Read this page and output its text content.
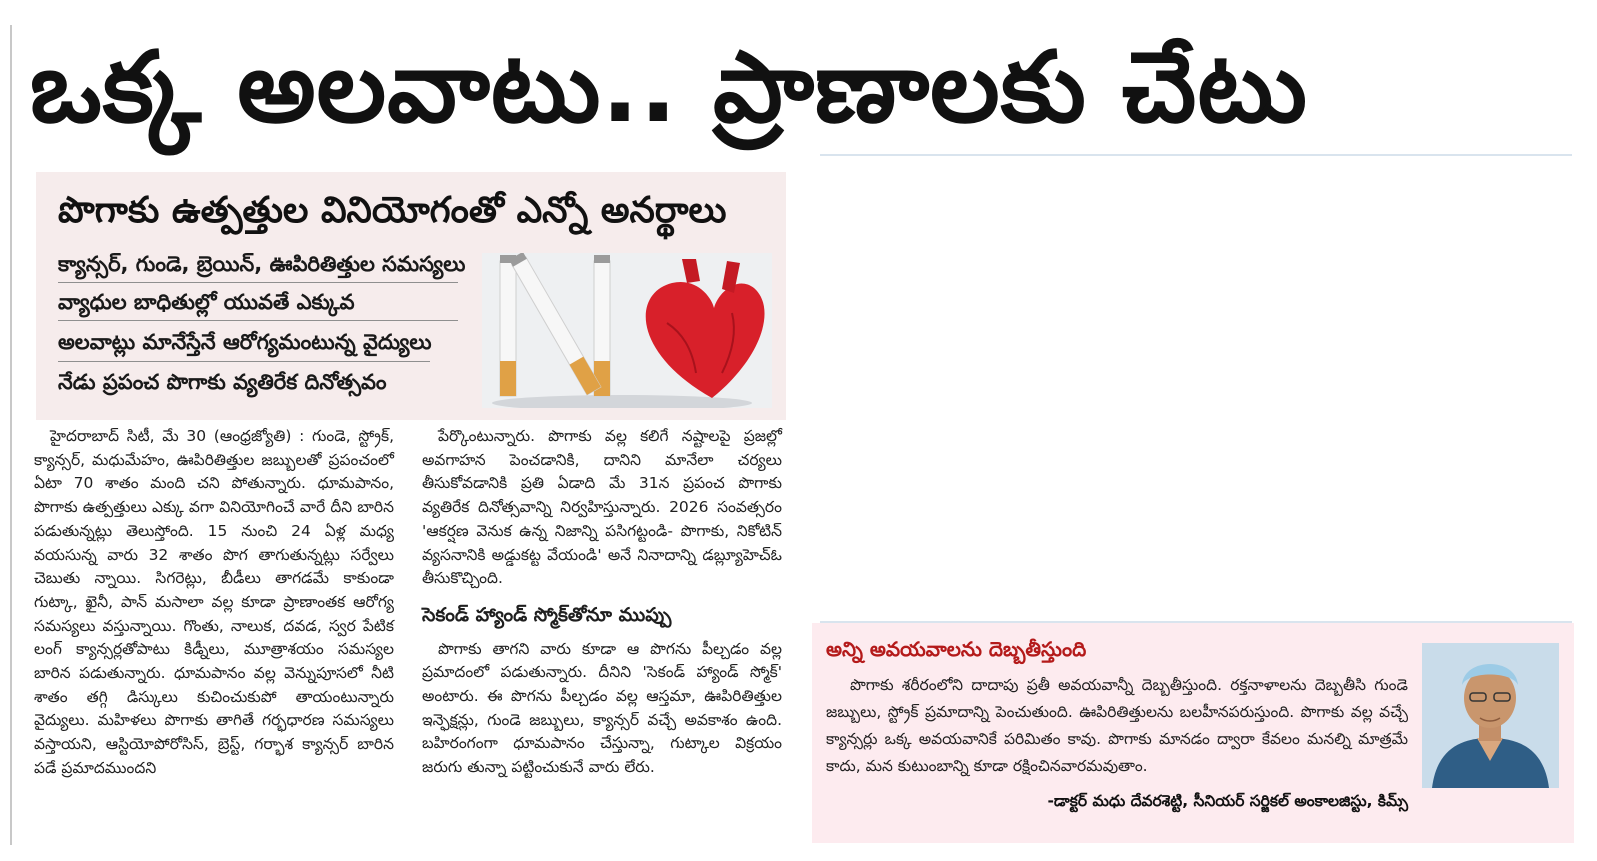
ఒక్క అలవాటు.. ప్రాణాలకు చేటు
పొగాకు ఉత్పత్తుల వినియోగంతో ఎన్నో అనర్థాలు
క్యాన్సర్, గుండె, బ్రెయిన్, ఊపిరితిత్తుల సమస్యలు
వ్యాధుల బాధితుల్లో యువతే ఎక్కువ
అలవాట్లు మానేస్తేనే ఆరోగ్యమంటున్న వైద్యులు
నేడు ప్రపంచ పొగాకు వ్యతిరేక దినోత్సవం

హైదరాబాద్ సిటీ, మే 30 (ఆంధ్రజ్యోతి) : గుండె, స్ట్రోక్, క్యాన్సర్, మధుమేహం, ఊపిరితిత్తుల జబ్బులతో ప్రపంచంలో ఏటా 70 శాతం మంది చని పోతున్నారు. ధూమపానం, పొగాకు ఉత్పత్తులు ఎక్కు వగా వినియోగించే వారే దీని బారిన పడుతున్నట్లు తెలుస్తోంది. 15 నుంచి 24 ఏళ్ల మధ్య వయసున్న వారు 32 శాతం పొగ తాగుతున్నట్లు సర్వేలు చెబుతు న్నాయి. సిగరెట్లు, బీడీలు తాగడమే కాకుండా గుట్కా, ఖైనీ, పాన్ మసాలా వల్ల కూడా ప్రాణాంతక ఆరోగ్య సమస్యలు వస్తున్నాయి. గొంతు, నాలుక, దవడ, స్వర పేటిక లంగ్ క్యాన్సర్లతోపాటు కిడ్నీలు, మూత్రాశయం సమస్యల బారిన పడుతున్నారు. ధూమపానం వల్ల వెన్నుపూసలో నీటి శాతం తగ్గి డిస్కులు కుచించుకుపో తాయంటున్నారు వైద్యులు. మహిళలు పొగాకు తాగితే గర్భధారణ సమస్యలు వస్తాయని, ఆస్టియోపోరోసిస్, బ్రెస్ట్, గర్భాశ క్యాన్సర్ బారిన పడే ప్రమాదముందని

పేర్కొంటున్నారు. పొగాకు వల్ల కలిగే నష్టాలపై ప్రజల్లో అవగాహన పెంచడానికి, దానిని మానేలా చర్యలు తీసుకోవడానికి ప్రతి ఏడాది మే 31న ప్రపంచ పొగాకు వ్యతిరేక దినోత్సవాన్ని నిర్వహిస్తున్నారు. 2026 సంవత్సరం 'ఆకర్షణ వెనుక ఉన్న నిజాన్ని పసిగట్టండి- పొగాకు, నికోటిన్ వ్యసనానికి అడ్డుకట్ట వేయండి' అనే నినాదాన్ని డబ్ల్యూహెచ్ఓ తీసుకొచ్చింది.

సెకండ్ హ్యాండ్ స్మోక్‌తోనూ ముప్పు

పొగాకు తాగని వారు కూడా ఆ పొగను పీల్చడం వల్ల ప్రమాదంలో పడుతున్నారు. దీనిని 'సెకండ్ హ్యాండ్ స్మోక్' అంటారు. ఈ పొగను పీల్చడం వల్ల ఆస్తమా, ఊపిరితిత్తుల ఇన్ఫెక్షన్లు, గుండె జబ్బులు, క్యాన్సర్ వచ్చే అవకాశం ఉంది. బహిరంగంగా ధూమపానం చేస్తున్నా, గుట్కాల విక్రయం జరుగు తున్నా పట్టించుకునే వారు లేరు.

అన్ని అవయవాలను దెబ్బతీస్తుంది
పొగాకు శరీరంలోని దాదాపు ప్రతీ అవయవాన్నీ దెబ్బతీస్తుంది. రక్తనాళాలను దెబ్బతీసి గుండె జబ్బులు, స్ట్రోక్ ప్రమాదాన్ని పెంచుతుంది. ఊపిరితిత్తులను బలహీనపరుస్తుంది. పొగాకు వల్ల వచ్చే క్యాన్సర్లు ఒక్క అవయవానికే పరిమితం కావు. పొగాకు మానడం ద్వారా కేవలం మనల్ని మాత్రమే కాదు, మన కుటుంబాన్ని కూడా రక్షించినవారమవుతాం.
-డాక్టర్ మధు దేవరశెట్టి, సీనియర్ సర్జికల్ అంకాలజిస్టు, కిమ్స్
